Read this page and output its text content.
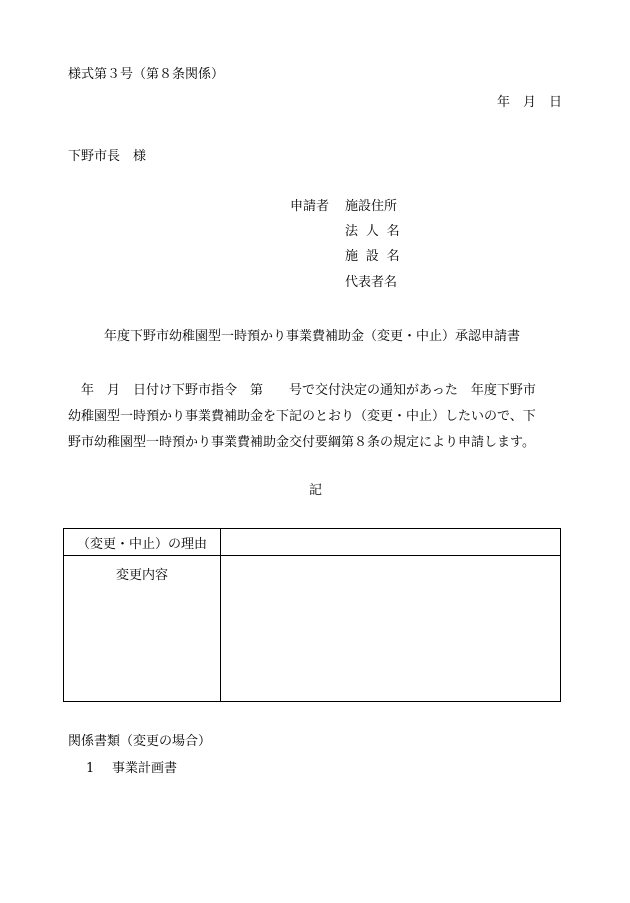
様式第３号（第８条関係）
年　月　日
下野市長　様
申請者 施設住所
法人名
施設名
代表者名
年度下野市幼稚園型一時預かり事業費補助金（変更・中止）承認申請書
　年　月　日付け下野市指令　第　　号で交付決定の通知があった　年度下野市
幼稚園型一時預かり事業費補助金を下記のとおり（変更・中止）したいので、下
野市幼稚園型一時預かり事業費補助金交付要綱第８条の規定により申請します。
記
（変更・中止）の理由	
変更内容	
関係書類（変更の場合）
1 事業計画書
